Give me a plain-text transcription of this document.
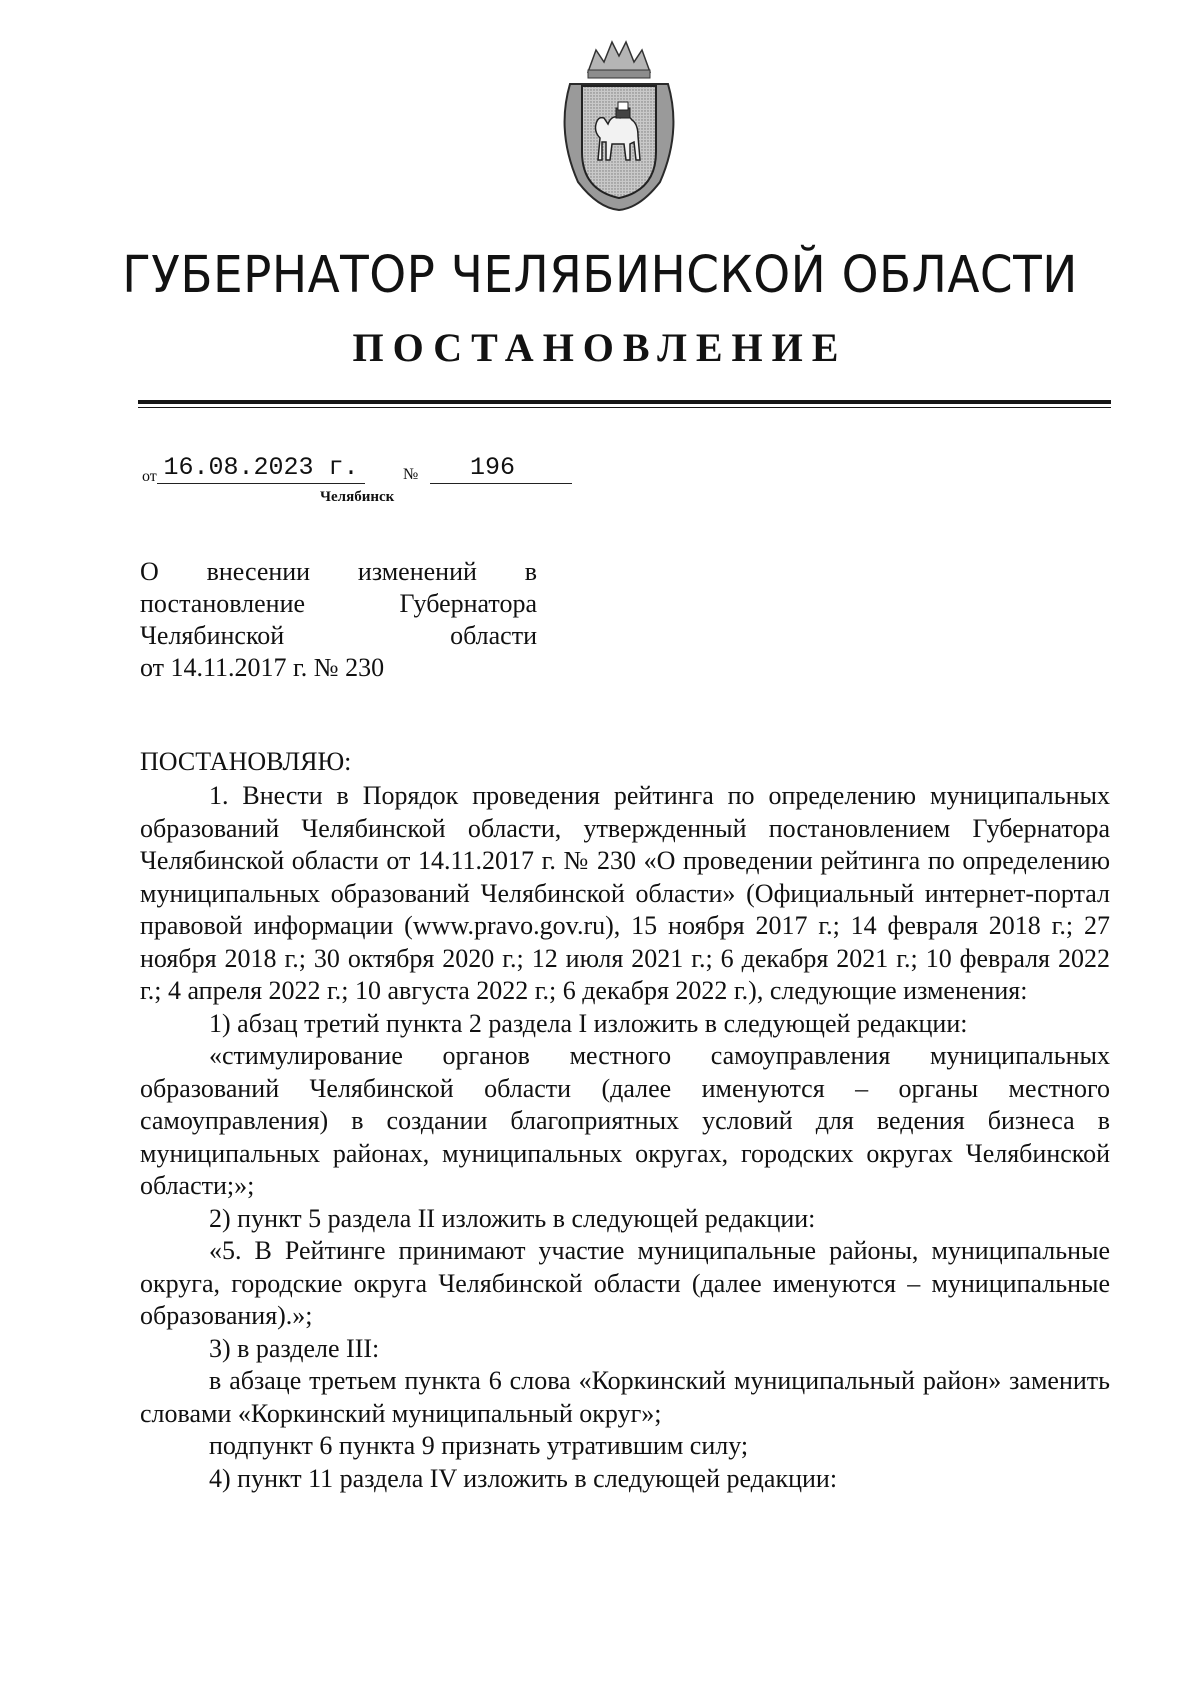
ГУБЕРНАТОР ЧЕЛЯБИНСКОЙ ОБЛАСТИ
ПОСТАНОВЛЕНИЕ
от 16.08.2023 г.	№	196
Челябинск
О внесении изменений в
постановление Губернатора
Челябинской области
от 14.11.2017 г. № 230
ПОСТАНОВЛЯЮ:

1. Внести в Порядок проведения рейтинга по определению муниципальных образований Челябинской области, утвержденный постановлением Губернатора Челябинской области от 14.11.2017 г. № 230 «О проведении рейтинга по определению муниципальных образований Челябинской области» (Официальный интернет-портал правовой информации (www.pravo.gov.ru), 15 ноября 2017 г.; 14 февраля 2018 г.; 27 ноября 2018 г.; 30 октября 2020 г.; 12 июля 2021 г.; 6 декабря 2021 г.; 10 февраля 2022 г.; 4 апреля 2022 г.; 10 августа 2022 г.; 6 декабря 2022 г.), следующие изменения:

1) абзац третий пункта 2 раздела I изложить в следующей редакции:

«стимулирование органов местного самоуправления муниципальных образований Челябинской области (далее именуются – органы местного самоуправления) в создании благоприятных условий для ведения бизнеса в муниципальных районах, муниципальных округах, городских округах Челябинской области;»;

2) пункт 5 раздела II изложить в следующей редакции:

«5. В Рейтинге принимают участие муниципальные районы, муниципальные округа, городские округа Челябинской области (далее именуются – муниципальные образования).»;

3) в разделе III:

в абзаце третьем пункта 6 слова «Коркинский муниципальный район» заменить словами «Коркинский муниципальный округ»;

подпункт 6 пункта 9 признать утратившим силу;

4) пункт 11 раздела IV изложить в следующей редакции:
